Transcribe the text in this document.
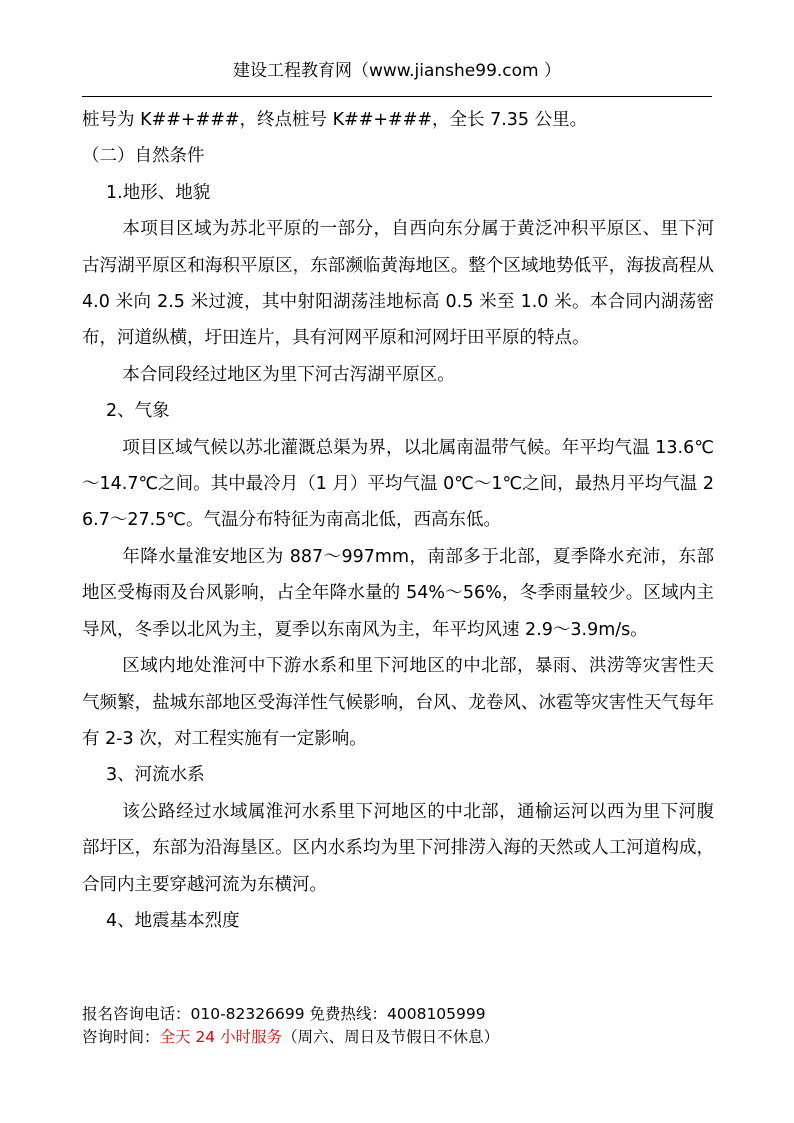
建设工程教育网（www.jianshe99.com ）

桩号为 K##+###，终点桩号 K##+###，全长 7.35 公里。

（二）自然条件

1.地形、地貌

本项目区域为苏北平原的一部分，自西向东分属于黄泛冲积平原区、里下河古泻湖平原区和海积平原区，东部濒临黄海地区。整个区域地势低平，海拔高程从 4.0 米向 2.5 米过渡，其中射阳湖荡洼地标高 0.5 米至 1.0 米。本合同内湖荡密布，河道纵横，圩田连片，具有河网平原和河网圩田平原的特点。

本合同段经过地区为里下河古泻湖平原区。

2、气象

项目区域气候以苏北灌溉总渠为界，以北属南温带气候。年平均气温 13.6℃～14.7℃之间。其中最冷月（1 月）平均气温 0℃～1℃之间，最热月平均气温 26.7～27.5℃。气温分布特征为南高北低，西高东低。

年降水量淮安地区为 887～997mm，南部多于北部，夏季降水充沛，东部地区受梅雨及台风影响，占全年降水量的 54%～56%，冬季雨量较少。区域内主导风，冬季以北风为主，夏季以东南风为主，年平均风速 2.9～3.9m/s。

区域内地处淮河中下游水系和里下河地区的中北部，暴雨、洪涝等灾害性天气频繁，盐城东部地区受海洋性气候影响，台风、龙卷风、冰雹等灾害性天气每年有 2-3 次，对工程实施有一定影响。

3、河流水系

该公路经过水域属淮河水系里下河地区的中北部，通榆运河以西为里下河腹部圩区，东部为沿海垦区。区内水系均为里下河排涝入海的天然或人工河道构成，合同内主要穿越河流为东横河。

4、地震基本烈度

报名咨询电话：010-82326699 免费热线：4008105999
咨询时间：全天 24 小时服务（周六、周日及节假日不休息）
